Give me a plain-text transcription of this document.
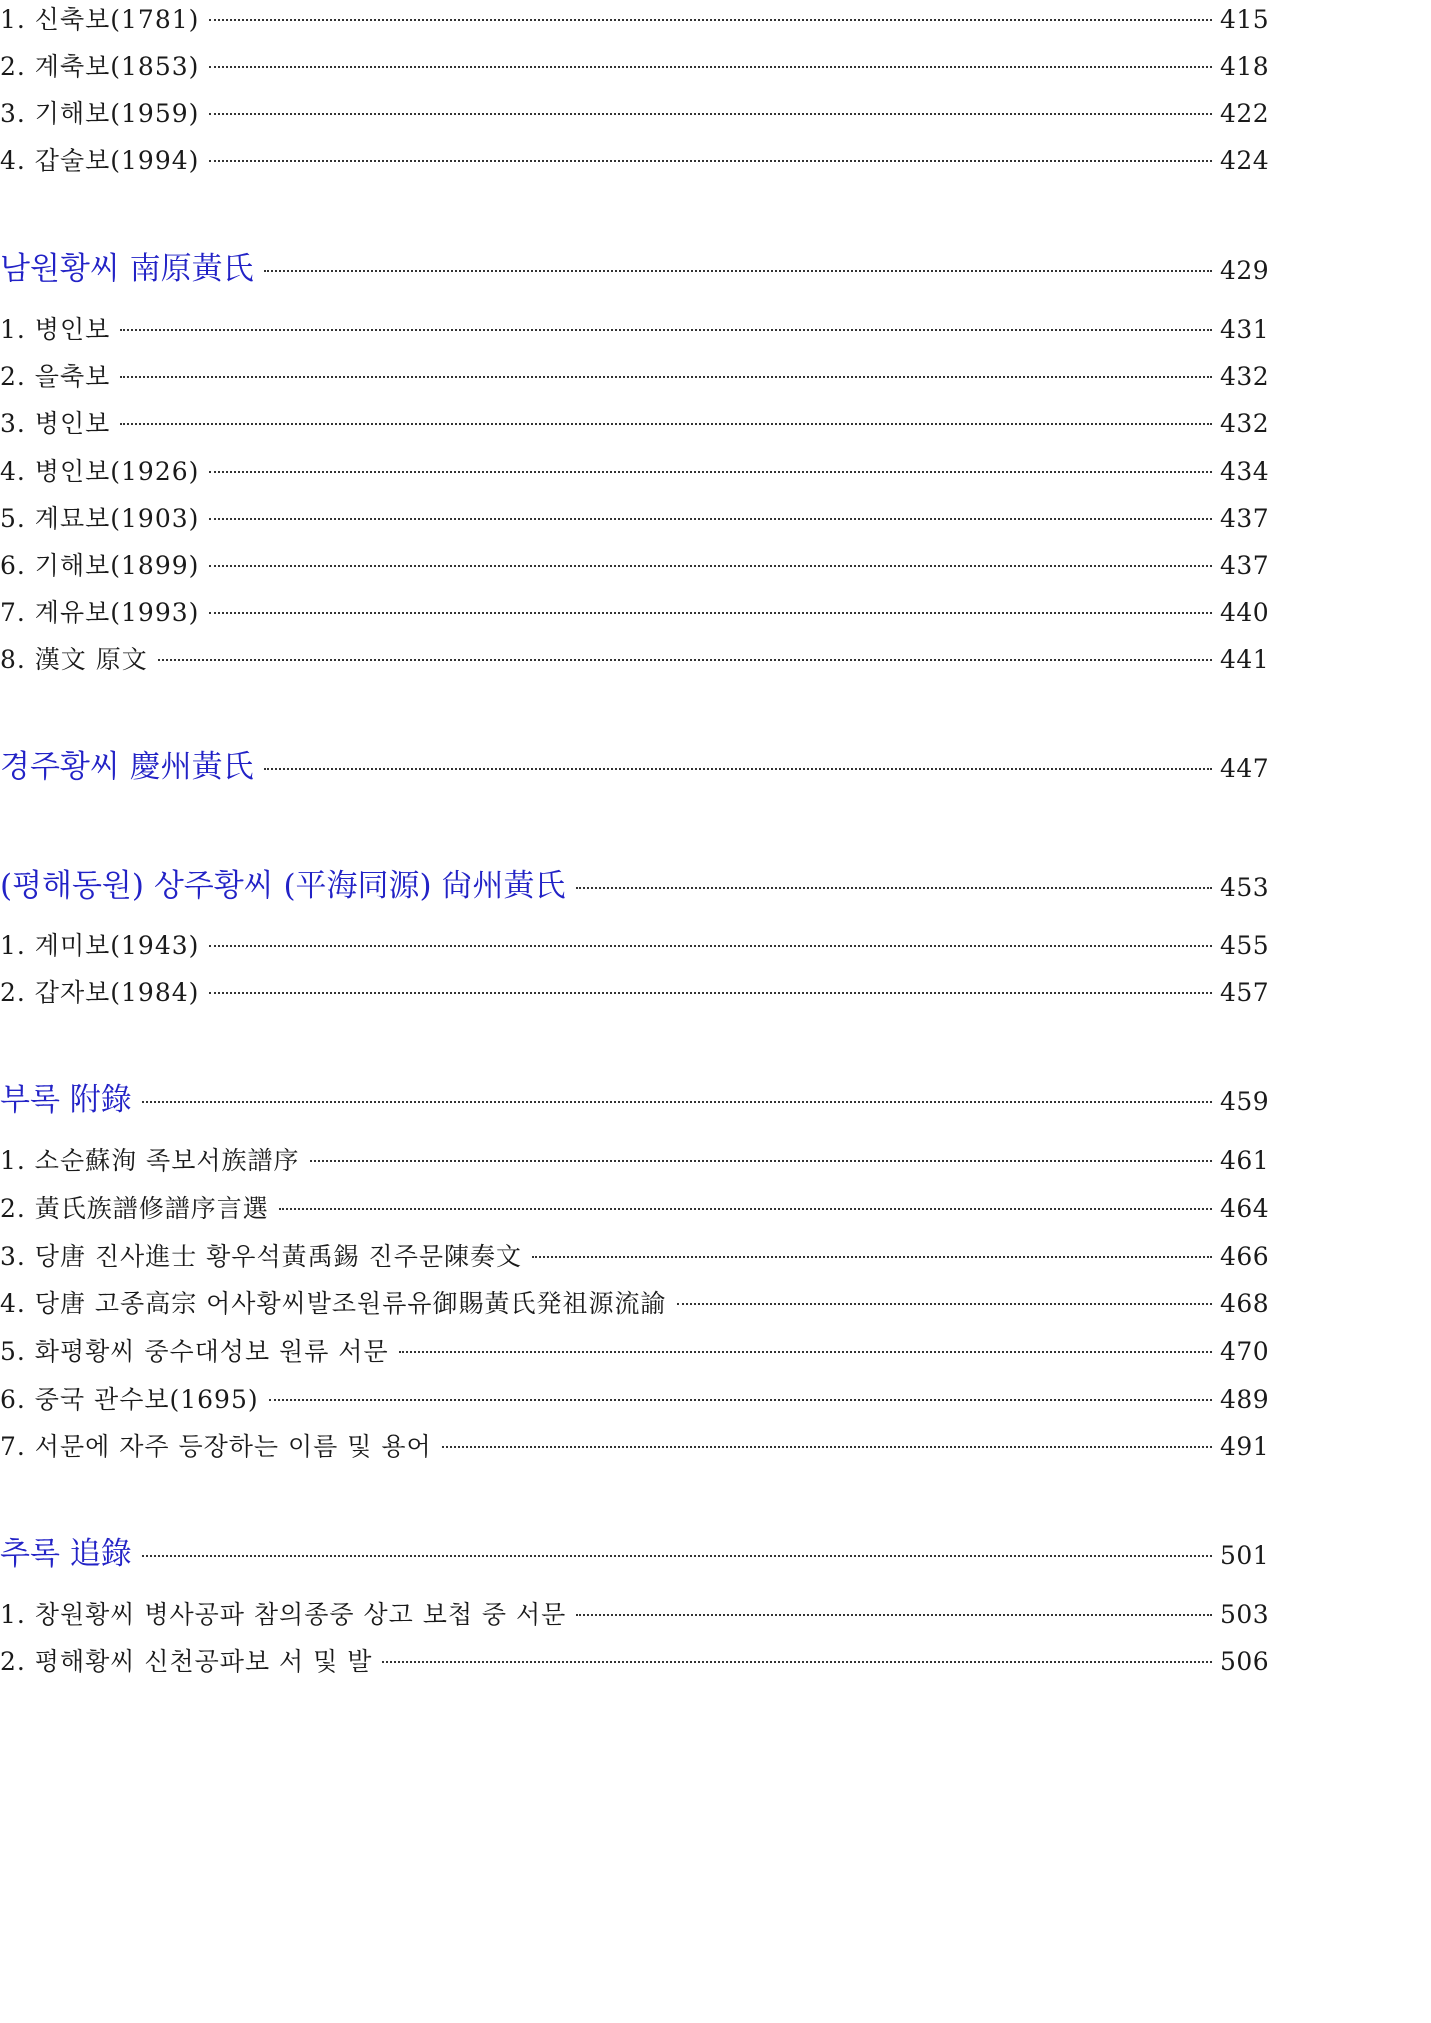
1. 신축보(1781)	415
2. 계축보(1853)	418
3. 기해보(1959)	422
4. 갑술보(1994)	424
남원황씨 南原黃氏	429
1. 병인보	431
2. 을축보	432
3. 병인보	432
4. 병인보(1926)	434
5. 계묘보(1903)	437
6. 기해보(1899)	437
7. 계유보(1993)	440
8. 漢文 原文	441
경주황씨 慶州黃氏	447
(평해동원) 상주황씨 (平海同源) 尙州黃氏	453
1. 계미보(1943)	455
2. 갑자보(1984)	457
부록 附錄	459
1. 소순蘇洵 족보서族譜序	461
2. 黃氏族譜修譜序言選	464
3. 당唐 진사進士 황우석黃禹錫 진주문陳奏文	466
4. 당唐 고종高宗 어사황씨발조원류유御賜黃氏発祖源流諭	468
5. 화평황씨 중수대성보 원류 서문	470
6. 중국 관수보(1695)	489
7. 서문에 자주 등장하는 이름 및 용어	491
추록 追錄	501
1. 창원황씨 병사공파 참의종중 상고 보첩 중 서문	503
2. 평해황씨 신천공파보 서 및 발	506
